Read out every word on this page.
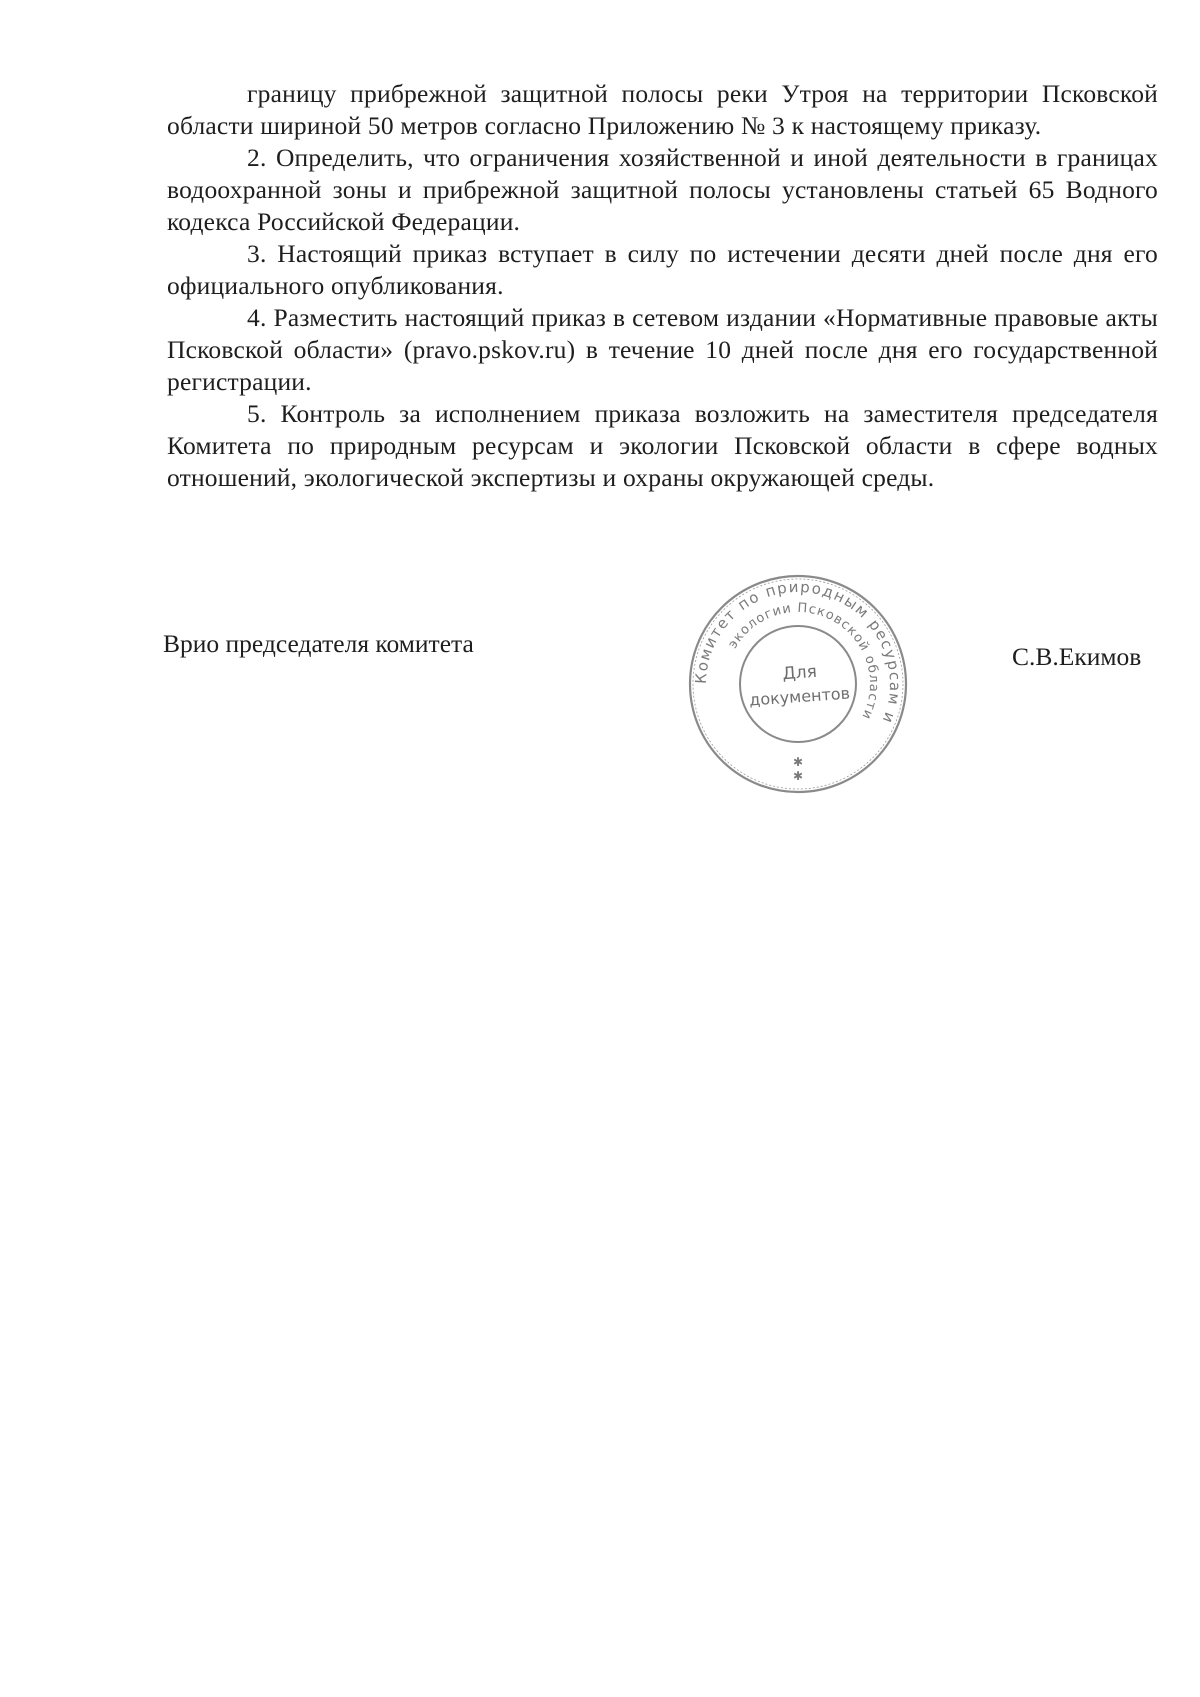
границу прибрежной защитной полосы реки Утроя на территории Псковской области шириной 50 метров согласно Приложению № 3 к настоящему приказу.

2. Определить, что ограничения хозяйственной и иной деятельности в границах водоохранной зоны и прибрежной защитной полосы установлены статьей 65 Водного кодекса Российской Федерации.

3. Настоящий приказ вступает в силу по истечении десяти дней после дня его официального опубликования.

4. Разместить настоящий приказ в сетевом издании «Нормативные правовые акты Псковской области» (pravo.pskov.ru) в течение 10 дней после дня его государственной регистрации.

5. Контроль за исполнением приказа возложить на заместителя председателя Комитета по природным ресурсам и экологии Псковской области в сфере водных отношений, экологической экспертизы и охраны окружающей среды.

Врио председателя комитета
Комитет по природным ресурсам и
экологии Псковской области
Для
документов
✱
✱
С.В.Екимов
